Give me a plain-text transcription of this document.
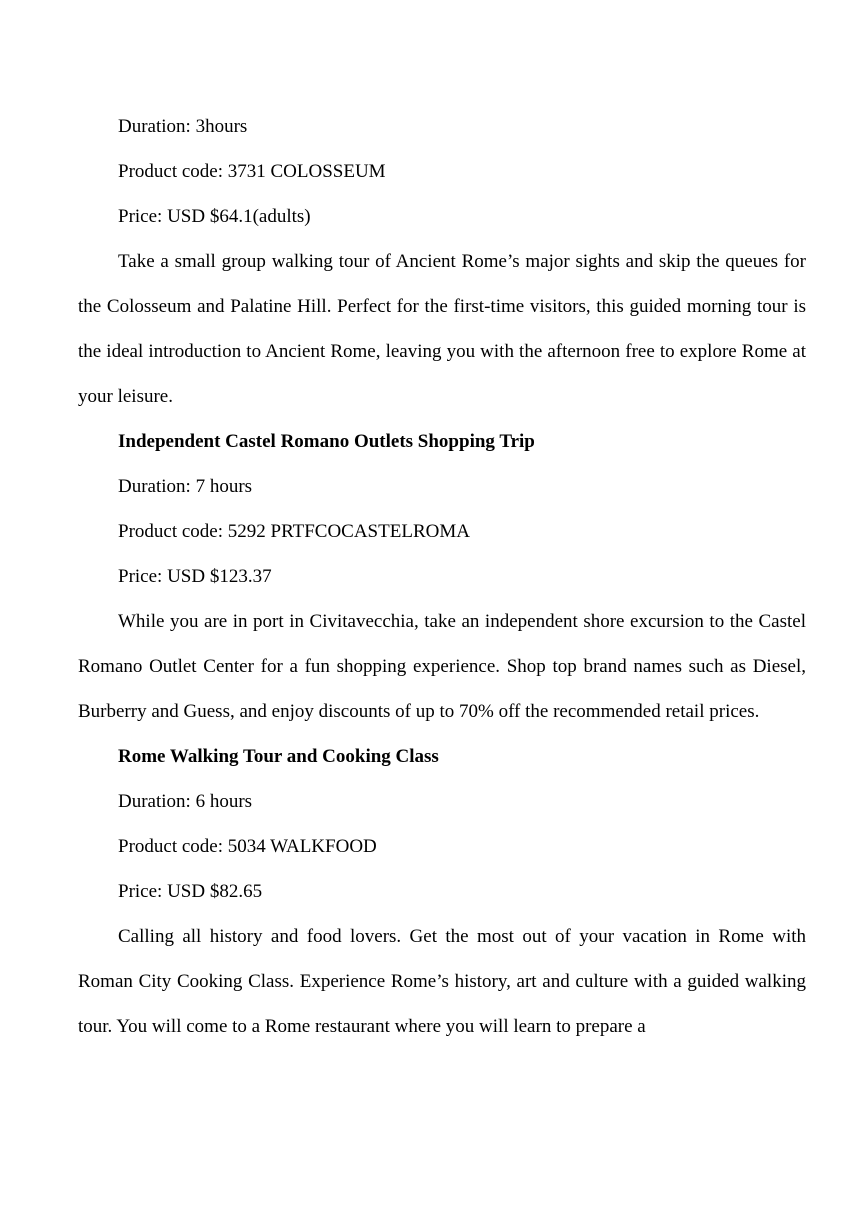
Duration: 3hours

Product code: 3731 COLOSSEUM

Price: USD $64.1(adults)

Take a small group walking tour of Ancient Rome’s major sights and skip the queues for the Colosseum and Palatine Hill. Perfect for the first-time visitors, this guided morning tour is the ideal introduction to Ancient Rome, leaving you with the afternoon free to explore Rome at your leisure.

Independent Castel Romano Outlets Shopping Trip

Duration: 7 hours

Product code: 5292 PRTFCOCASTELROMA

Price: USD $123.37

While you are in port in Civitavecchia, take an independent shore excursion to the Castel Romano Outlet Center for a fun shopping experience. Shop top brand names such as Diesel, Burberry and Guess, and enjoy discounts of up to 70% off the recommended retail prices.

Rome Walking Tour and Cooking Class

Duration: 6 hours

Product code: 5034 WALKFOOD

Price: USD $82.65

Calling all history and food lovers. Get the most out of your vacation in Rome with Roman City Cooking Class. Experience Rome’s history, art and culture with a guided walking tour. You will come to a Rome restaurant where you will learn to prepare a
